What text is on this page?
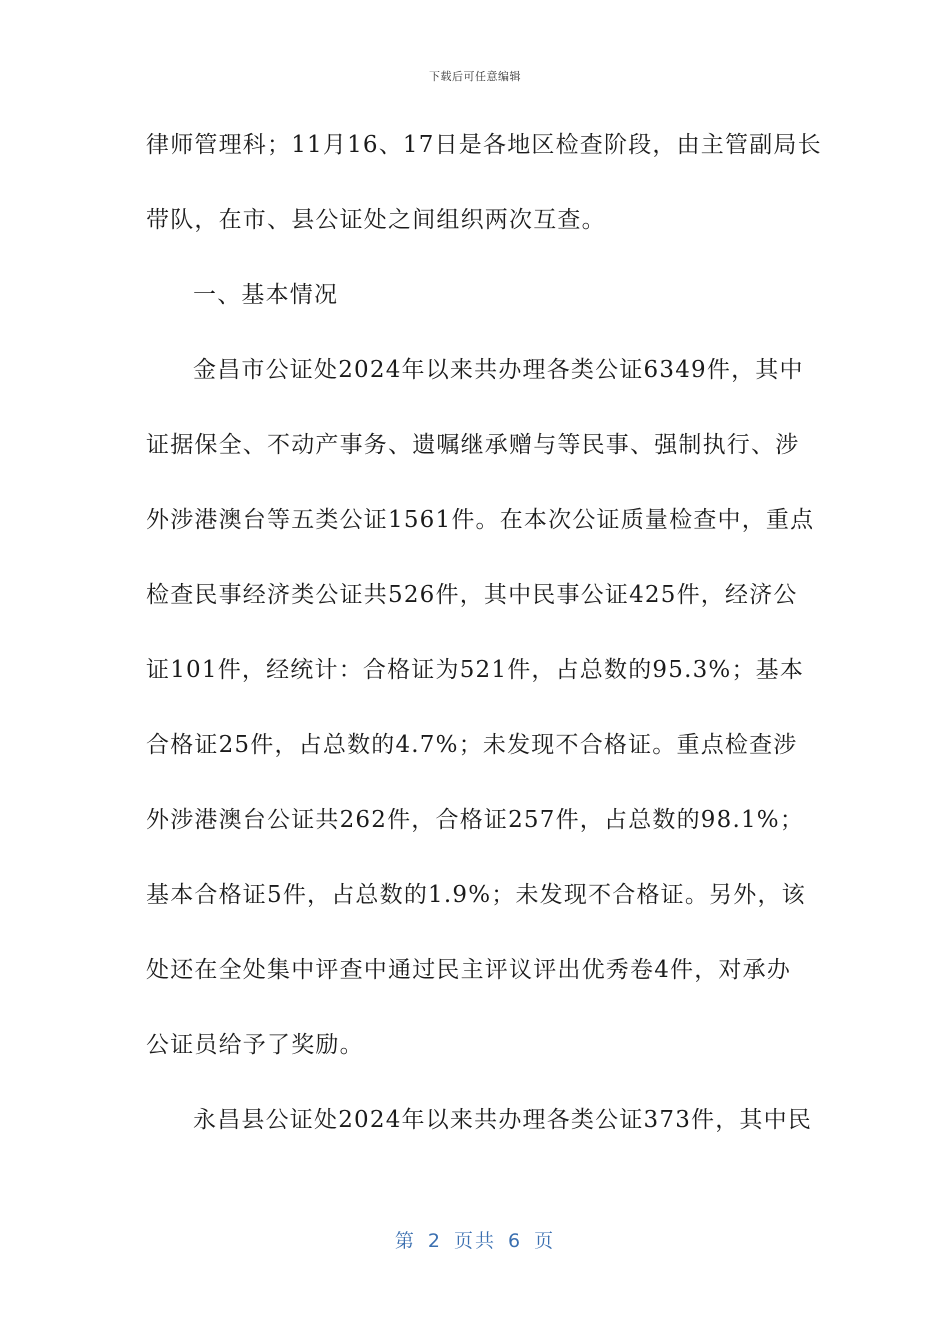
下载后可任意编辑
律师管理科；11月16、17日是各地区检查阶段，由主管副局长
带队，在市、县公证处之间组织两次互查。
一、基本情况
金昌市公证处2024年以来共办理各类公证6349件，其中
证据保全、不动产事务、遗嘱继承赠与等民事、强制执行、涉
外涉港澳台等五类公证1561件。在本次公证质量检查中，重点
检查民事经济类公证共526件，其中民事公证425件，经济公
证101件，经统计：合格证为521件，占总数的95.3%；基本
合格证25件，占总数的4.7%；未发现不合格证。重点检查涉
外涉港澳台公证共262件，合格证257件，占总数的98.1%；
基本合格证5件，占总数的1.9%；未发现不合格证。另外，该
处还在全处集中评查中通过民主评议评出优秀卷4件，对承办
公证员给予了奖励。
永昌县公证处2024年以来共办理各类公证373件，其中民
第 2 页共 6 页
